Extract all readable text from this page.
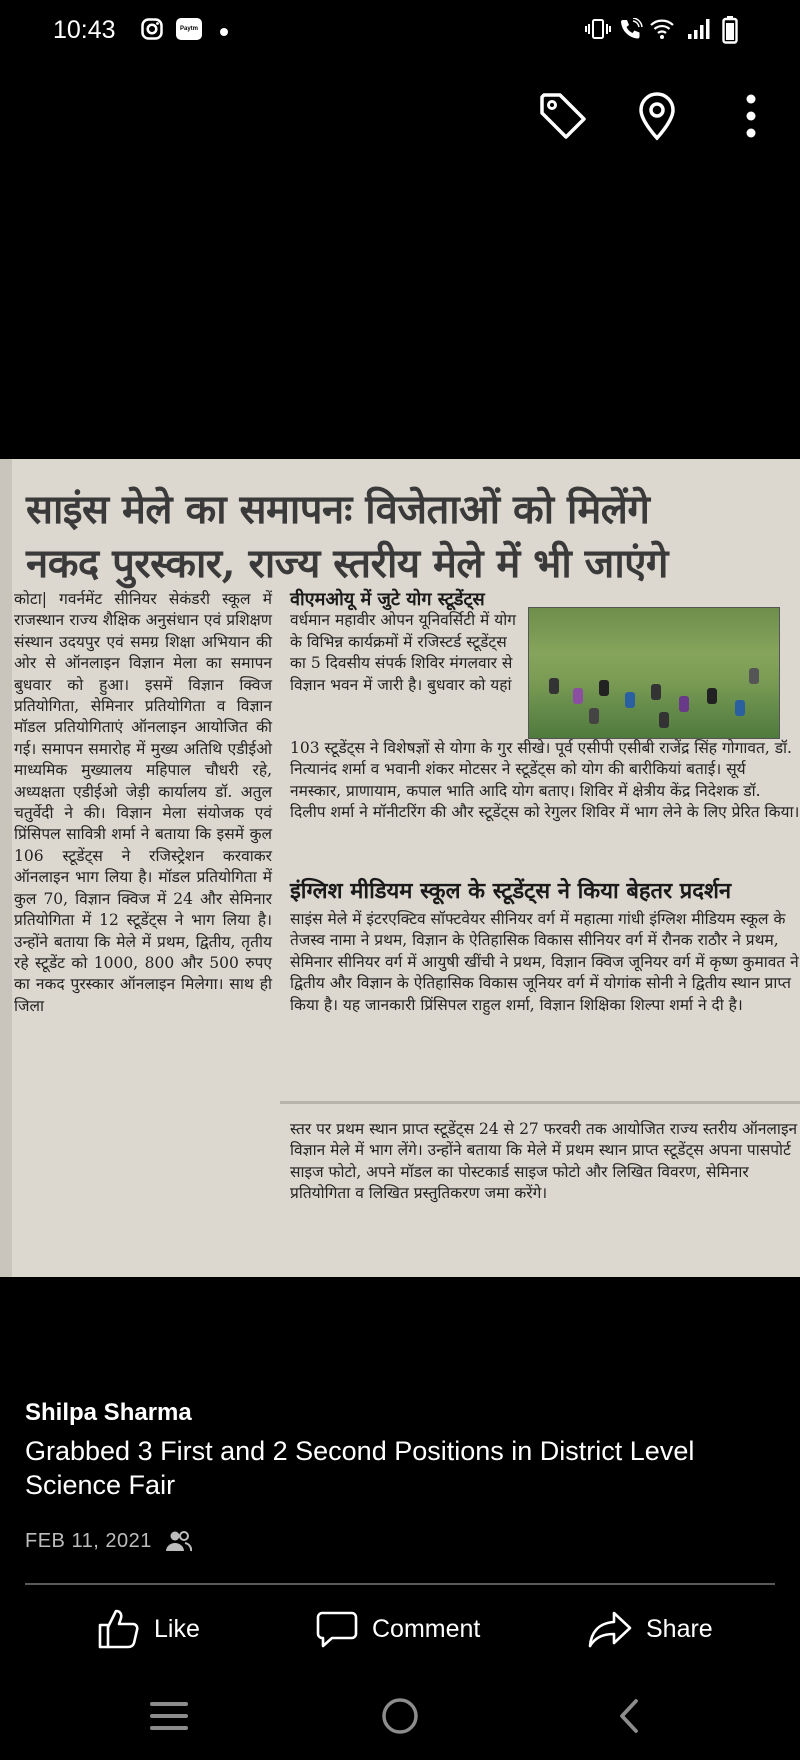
10:43	Paytm
साइंस मेले का समापनः विजेताओं को मिलेंगे
नकद पुरस्कार, राज्य स्तरीय मेले में भी जाएंगे
कोटा| गवर्नमेंट सीनियर सेकंडरी स्कूल में राजस्थान राज्य शैक्षिक अनुसंधान एवं प्रशिक्षण संस्थान उदयपुर एवं समग्र शिक्षा अभियान की ओर से ऑनलाइन विज्ञान मेला का समापन बुधवार को हुआ। इसमें विज्ञान क्विज प्रतियोगिता, सेमिनार प्रतियोगिता व विज्ञान मॉडल प्रतियोगिताएं ऑनलाइन आयोजित की गई। समापन समारोह में मुख्य अतिथि एडीईओ माध्यमिक मुख्यालय महिपाल चौधरी रहे, अध्यक्षता एडीईओ जेड़ी कार्यालय डॉ. अतुल चतुर्वेदी ने की। विज्ञान मेला संयोजक एवं प्रिंसिपल सावित्री शर्मा ने बताया कि इसमें कुल 106 स्टूडेंट्स ने रजिस्ट्रेशन करवाकर ऑनलाइन भाग लिया है। मॉडल प्रतियोगिता में कुल 70, विज्ञान क्विज में 24 और सेमिनार प्रतियोगिता में 12 स्टूडेंट्स ने भाग लिया है। उन्होंने बताया कि मेले में प्रथम, द्वितीय, तृतीय रहे स्टूडेंट को 1000, 800 और 500 रुपए का नकद पुरस्कार ऑनलाइन मिलेगा। साथ ही जिला
वीएमओयू में जुटे योग स्टूडेंट्स
वर्धमान महावीर ओपन यूनिवर्सिटी में योग के विभिन्न कार्यक्रमों में रजिस्टर्ड स्टूडेंट्स का 5 दिवसीय संपर्क शिविर मंगलवार से विज्ञान भवन में जारी है। बुधवार को यहां
103 स्टूडेंट्स ने विशेषज्ञों से योगा के गुर सीखे। पूर्व एसीपी एसीबी राजेंद्र सिंह गोगावत, डॉ. नित्यानंद शर्मा व भवानी शंकर मोटसर ने स्टूडेंट्स को योग की बारीकियां बताई। सूर्य नमस्कार, प्राणायाम, कपाल भाति आदि योग बताए। शिविर में क्षेत्रीय केंद्र निदेशक डॉ. दिलीप शर्मा ने मॉनीटरिंग की और स्टूडेंट्स को रेगुलर शिविर में भाग लेने के लिए प्रेरित किया।
इंग्लिश मीडियम स्कूल के स्टूडेंट्स ने किया बेहतर प्रदर्शन
साइंस मेले में इंटरएक्टिव सॉफ्टवेयर सीनियर वर्ग में महात्मा गांधी इंग्लिश मीडियम स्कूल के तेजस्व नामा ने प्रथम, विज्ञान के ऐतिहासिक विकास सीनियर वर्ग में रौनक राठौर ने प्रथम, सेमिनार सीनियर वर्ग में आयुषी खींची ने प्रथम, विज्ञान क्विज जूनियर वर्ग में कृष्ण कुमावत ने द्वितीय और विज्ञान के ऐतिहासिक विकास जूनियर वर्ग में योगांक सोनी ने द्वितीय स्थान प्राप्त किया है। यह जानकारी प्रिंसिपल राहुल शर्मा, विज्ञान शिक्षिका शिल्पा शर्मा ने दी है।
स्तर पर प्रथम स्थान प्राप्त स्टूडेंट्स 24 से 27 फरवरी तक आयोजित राज्य स्तरीय ऑनलाइन विज्ञान मेले में भाग लेंगे। उन्होंने बताया कि मेले में प्रथम स्थान प्राप्त स्टूडेंट्स अपना पासपोर्ट साइज फोटो, अपने मॉडल का पोस्टकार्ड साइज फोटो और लिखित विवरण, सेमिनार प्रतियोगिता व लिखित प्रस्तुतिकरण जमा करेंगे।
Shilpa Sharma
Grabbed 3 First and 2 Second Positions in District Level Science Fair
FEB 11, 2021
Like	Comment	Share
